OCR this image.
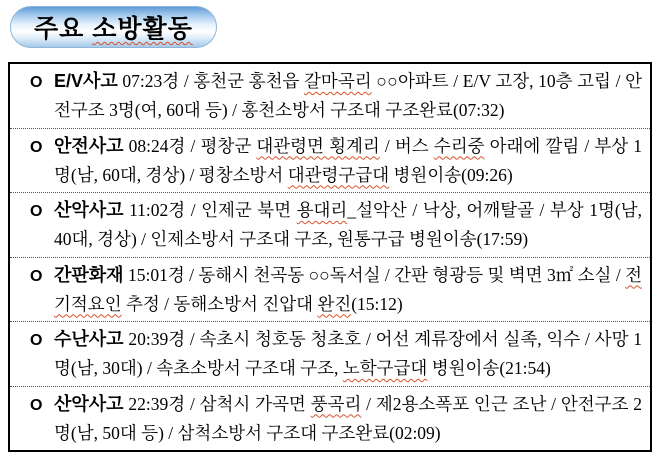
주요 소방활동
O E/V사고 07:23경 / 홍천군 홍천읍 갈마곡리 ○○아파트 / E/V 고장, 10층 고립 / 안전구조 3명(여, 60대 등) / 홍천소방서 구조대 구조완료(07:32)
O 안전사고 08:24경 / 평창군 대관령면 횡계리 / 버스 수리중 아래에 깔림 / 부상 1명(남, 60대, 경상) / 평창소방서 대관령구급대 병원이송(09:26)
O 산악사고 11:02경 / 인제군 북면 용대리_설악산 / 낙상, 어깨탈골 / 부상 1명(남, 40대, 경상) / 인제소방서 구조대 구조, 원통구급 병원이송(17:59)
O 간판화재 15:01경 / 동해시 천곡동 ○○독서실 / 간판 형광등 및 벽면 3㎡ 소실 / 전기적요인 추정 / 동해소방서 진압대 완진(15:12)
O 수난사고 20:39경 / 속초시 청호동 청초호 / 어선 계류장에서 실족, 익수 / 사망 1명(남, 30대) / 속초소방서 구조대 구조, 노학구급대 병원이송(21:54)
O 산악사고 22:39경 / 삼척시 가곡면 풍곡리 / 제2용소폭포 인근 조난 / 안전구조 2명(남, 50대 등) / 삼척소방서 구조대 구조완료(02:09)
